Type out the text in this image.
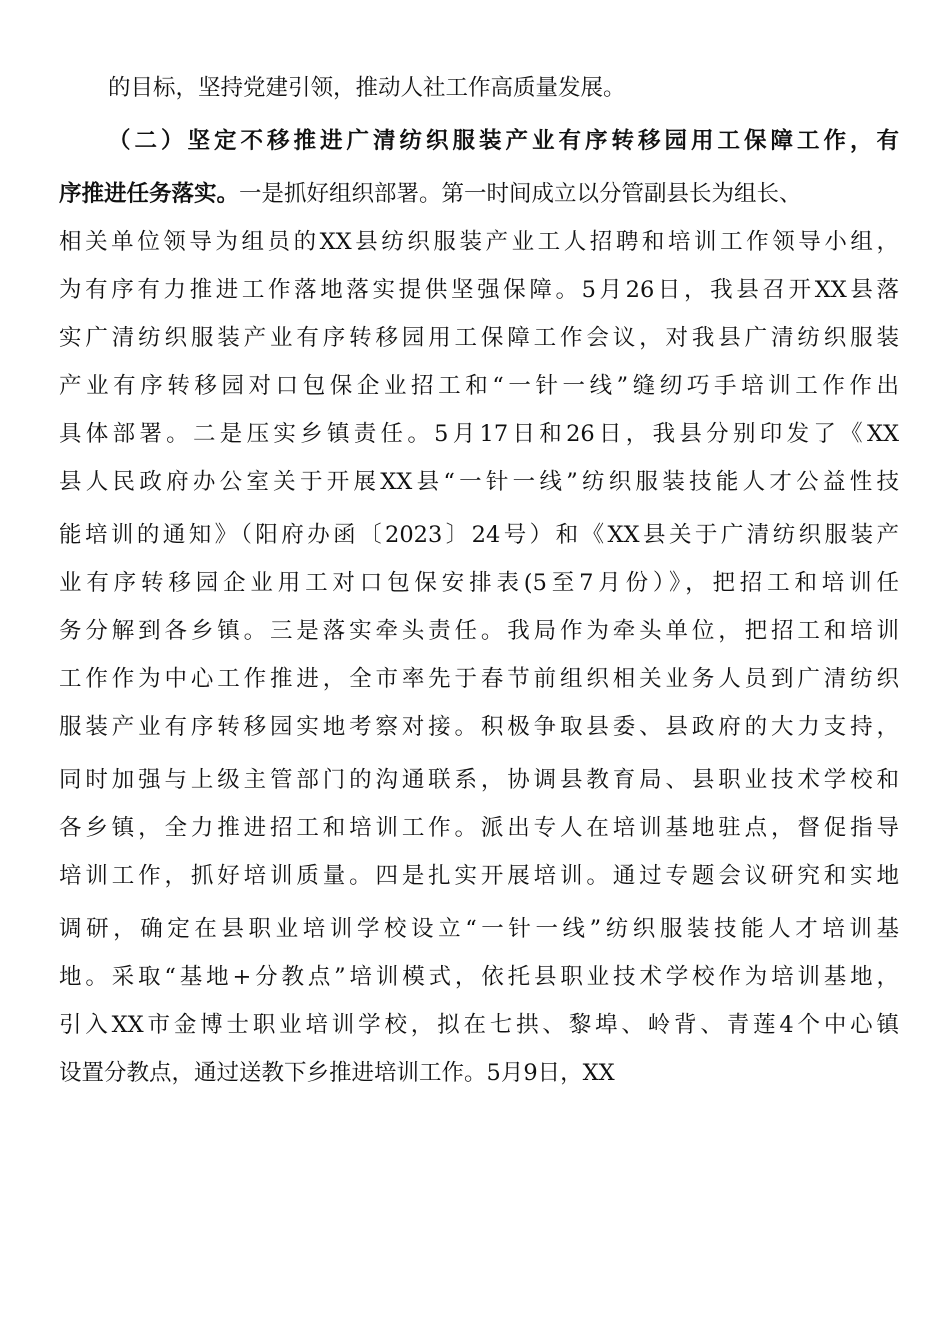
的目标，坚持党建引领，推动人社工作高质量发展。
（二）坚定不移推进广清纺织服装产业有序转移园用工保障工作，有
序推进任务落实。一是抓好组织部署。第一时间成立以分管副县长为组长、
相关单位领导为组员的XX县纺织服装产业工人招聘和培训工作领导小组，
为有序有力推进工作落地落实提供坚强保障。5月26日，我县召开XX县落
实广清纺织服装产业有序转移园用工保障工作会议，对我县广清纺织服装
产业有序转移园对口包保企业招工和“一针一线”缝纫巧手培训工作作出
具体部署。二是压实乡镇责任。5月17日和26日，我县分别印发了《XX
县人民政府办公室关于开展XX县“一针一线”纺织服装技能人才公益性技
能培训的通知》（阳府办函〔2023〕24号）和《XX县关于广清纺织服装产
业有序转移园企业用工对口包保安排表(5至7月份）》，把招工和培训任
务分解到各乡镇。三是落实牵头责任。我局作为牵头单位，把招工和培训
工作作为中心工作推进，全市率先于春节前组织相关业务人员到广清纺织
服装产业有序转移园实地考察对接。积极争取县委、县政府的大力支持，
同时加强与上级主管部门的沟通联系，协调县教育局、县职业技术学校和
各乡镇，全力推进招工和培训工作。派出专人在培训基地驻点，督促指导
培训工作，抓好培训质量。四是扎实开展培训。通过专题会议研究和实地
调研，确定在县职业培训学校设立“一针一线”纺织服装技能人才培训基
地。采取“基地+分教点”培训模式，依托县职业技术学校作为培训基地，
引入XX市金博士职业培训学校，拟在七拱、黎埠、岭背、青莲4个中心镇
设置分教点，通过送教下乡推进培训工作。5月9日，XX
